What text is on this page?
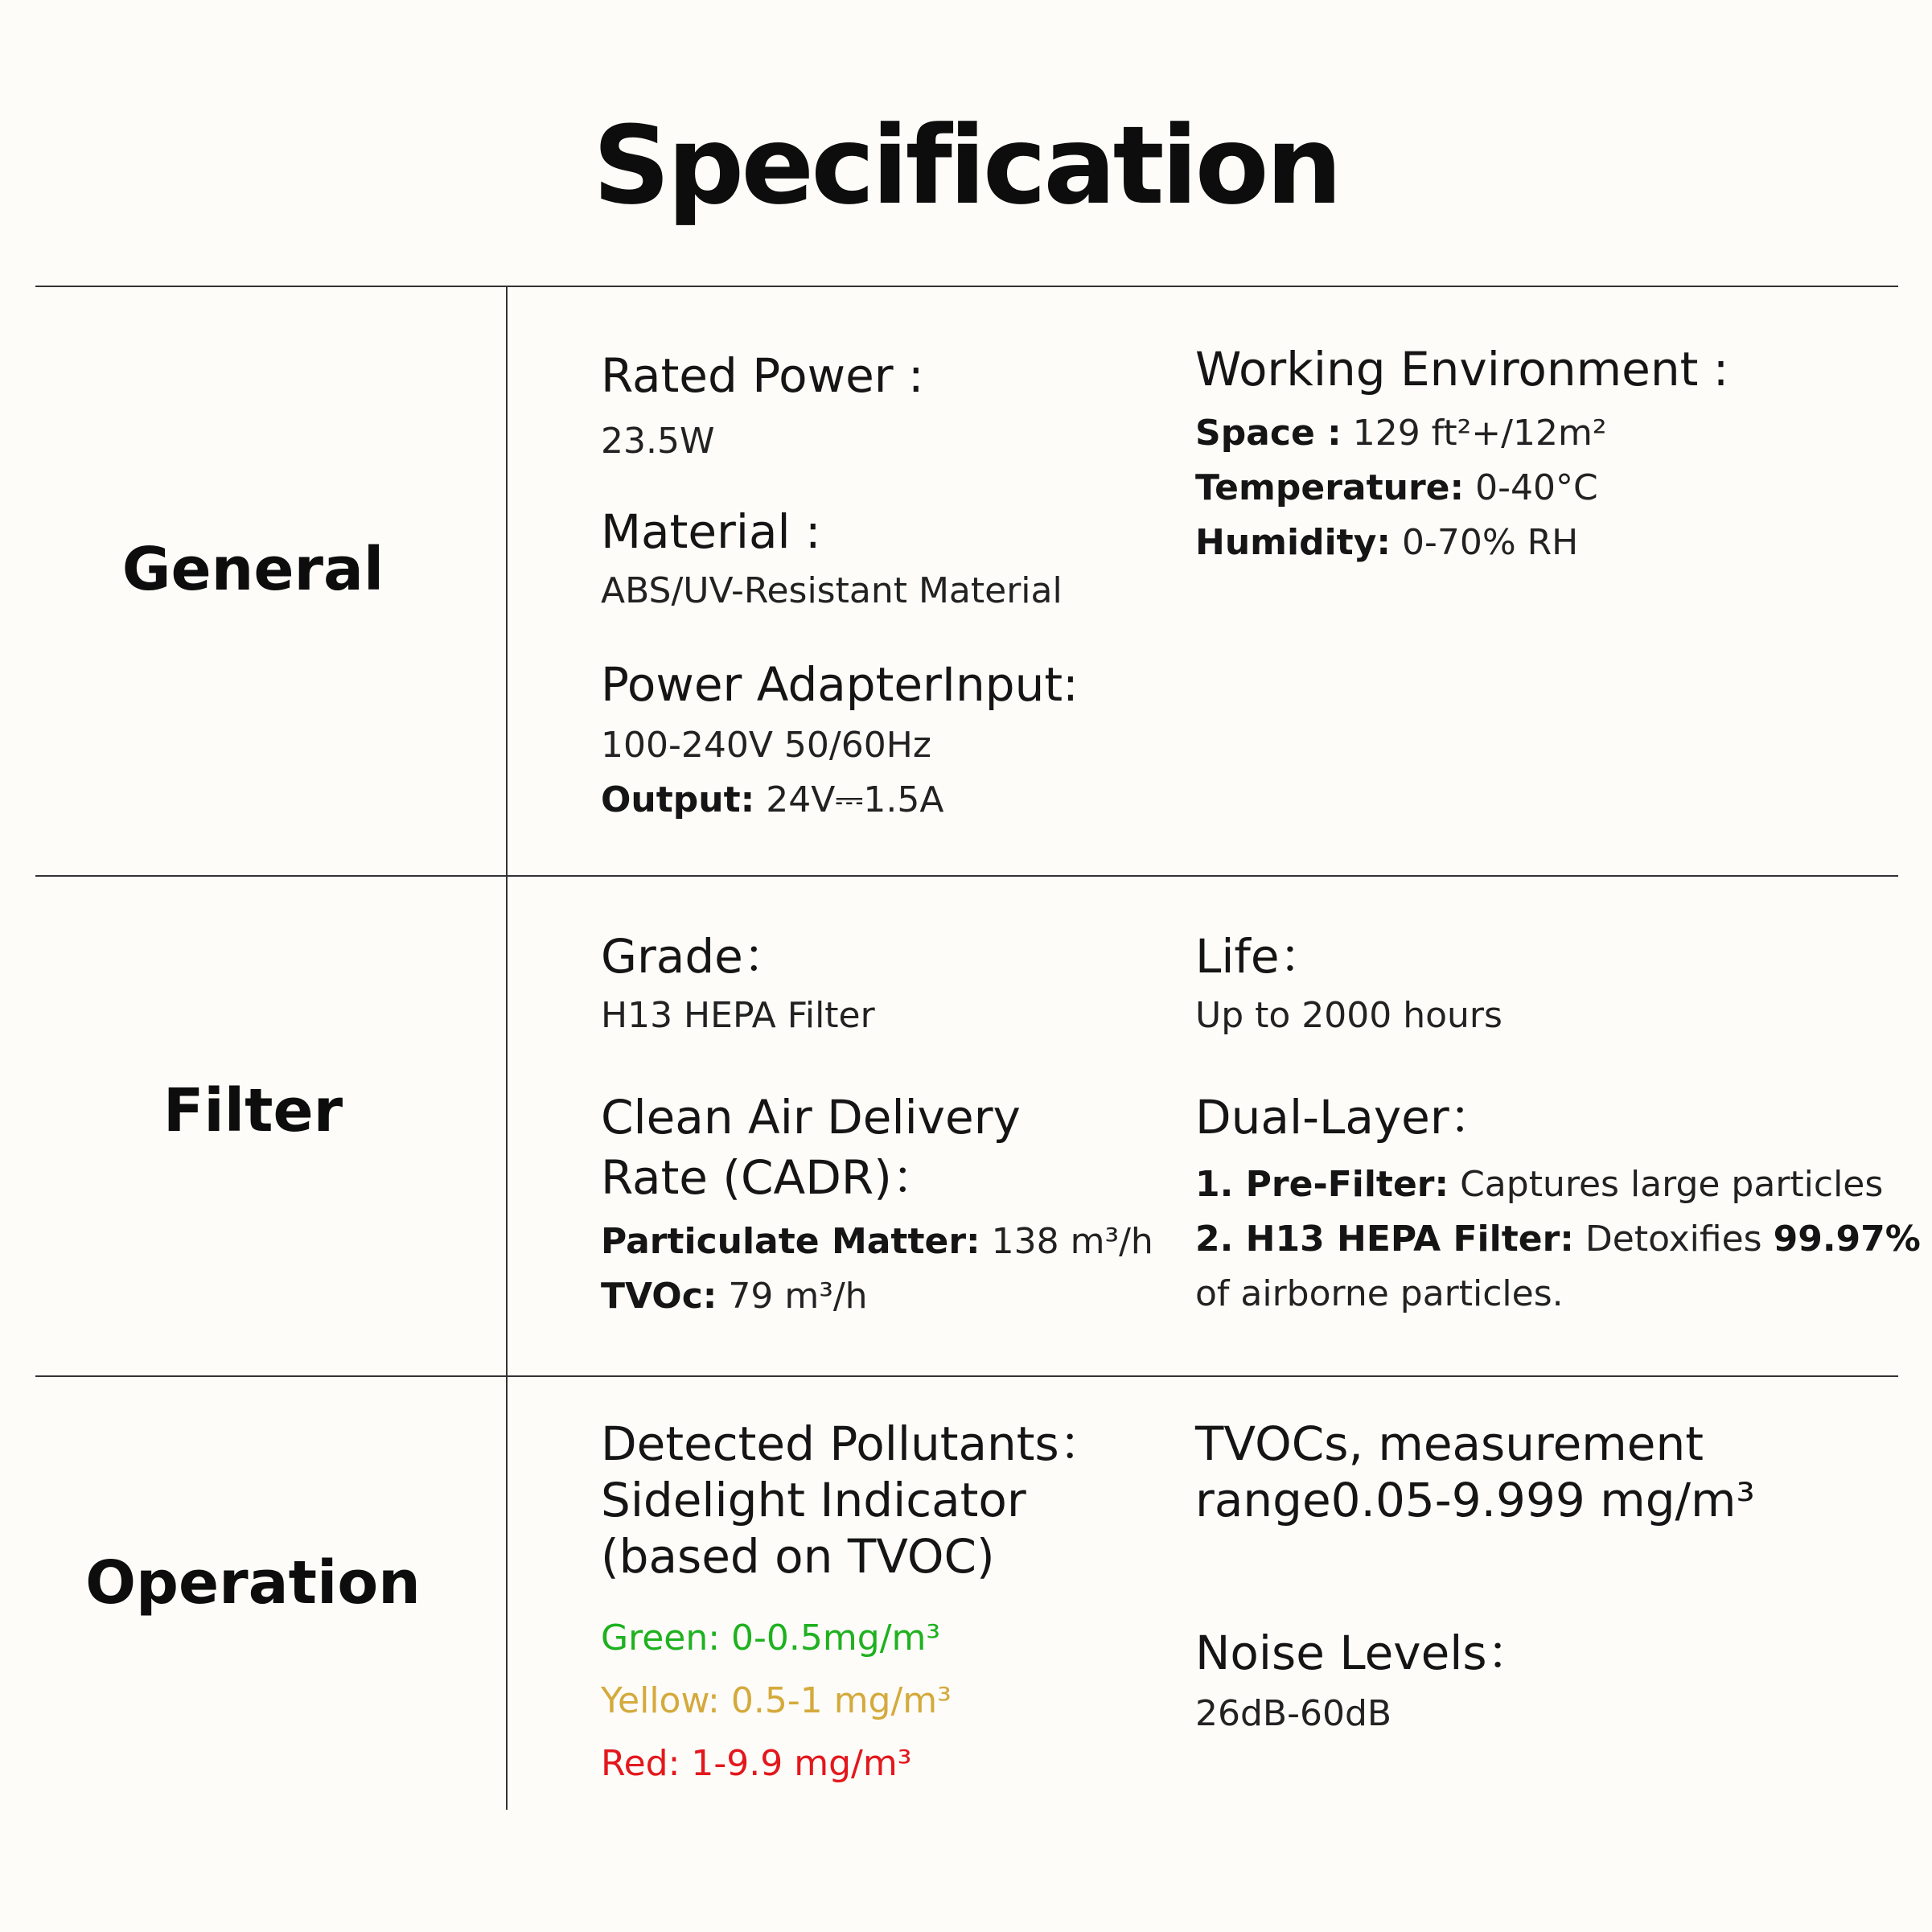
Specification
General
Rated Power :
23.5W
Material :
ABS/UV-Resistant Material
Power AdapterInput:
100-240V 50/60Hz
Output: 24V⎓1.5A
Working Environment :
Space : 129 ft²+/12m²
Temperature: 0-40°C
Humidity: 0-70% RH
Filter
Grade：
H13 HEPA Filter
Life：
Up to 2000 hours
Clean Air Delivery
Rate (CADR)：
Particulate Matter: 138 m³/h
TVOc: 79 m³/h
Dual-Layer：
1. Pre-Filter: Captures large particles
2. H13 HEPA Filter: Detoxifies 99.97%
of airborne particles.
Operation
Detected Pollutants：
Sidelight Indicator
(based on TVOC)
Green: 0-0.5mg/m³
Yellow: 0.5-1 mg/m³
Red: 1-9.9 mg/m³
TVOCs, measurement
range0.05-9.999 mg/m³
Noise Levels：
26dB-60dB
